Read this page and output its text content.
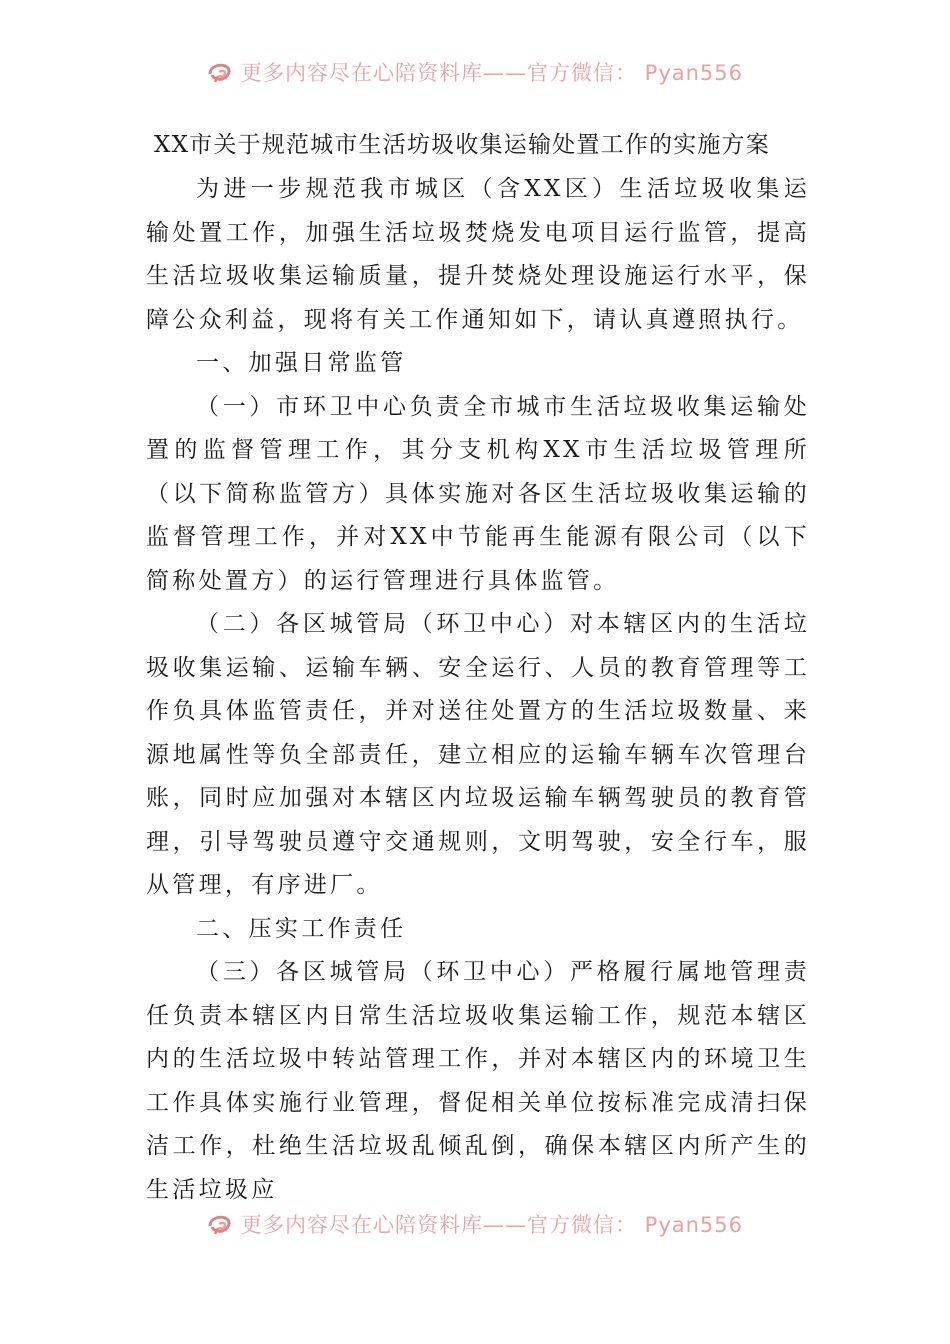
更多内容尽在心陪资料库——官方微信： Pyan556
XX市关于规范城市生活坊圾收集运输处置工作的实施方案

为进一步规范我市城区（含XX区）生活垃圾收集运输处置工作，加强生活垃圾焚烧发电项目运行监管，提高生活垃圾收集运输质量，提升焚烧处理设施运行水平，保障公众利益，现将有关工作通知如下，请认真遵照执行。

一、加强日常监管

（一）市环卫中心负责全市城市生活垃圾收集运输处置的监督管理工作，其分支机构XX市生活垃圾管理所（以下简称监管方）具体实施对各区生活垃圾收集运输的监督管理工作，并对XX中节能再生能源有限公司（以下简称处置方）的运行管理进行具体监管。

（二）各区城管局（环卫中心）对本辖区内的生活垃圾收集运输、运输车辆、安全运行、人员的教育管理等工作负具体监管责任，并对送往处置方的生活垃圾数量、来源地属性等负全部责任，建立相应的运输车辆车次管理台账，同时应加强对本辖区内垃圾运输车辆驾驶员的教育管理，引导驾驶员遵守交通规则，文明驾驶，安全行车，服从管理，有序进厂。

二、压实工作责任

（三）各区城管局（环卫中心）严格履行属地管理责任负责本辖区内日常生活垃圾收集运输工作，规范本辖区内的生活垃圾中转站管理工作，并对本辖区内的环境卫生工作具体实施行业管理，督促相关单位按标准完成清扫保洁工作，杜绝生活垃圾乱倾乱倒，确保本辖区内所产生的生活垃圾应

更多内容尽在心陪资料库——官方微信： Pyan556
